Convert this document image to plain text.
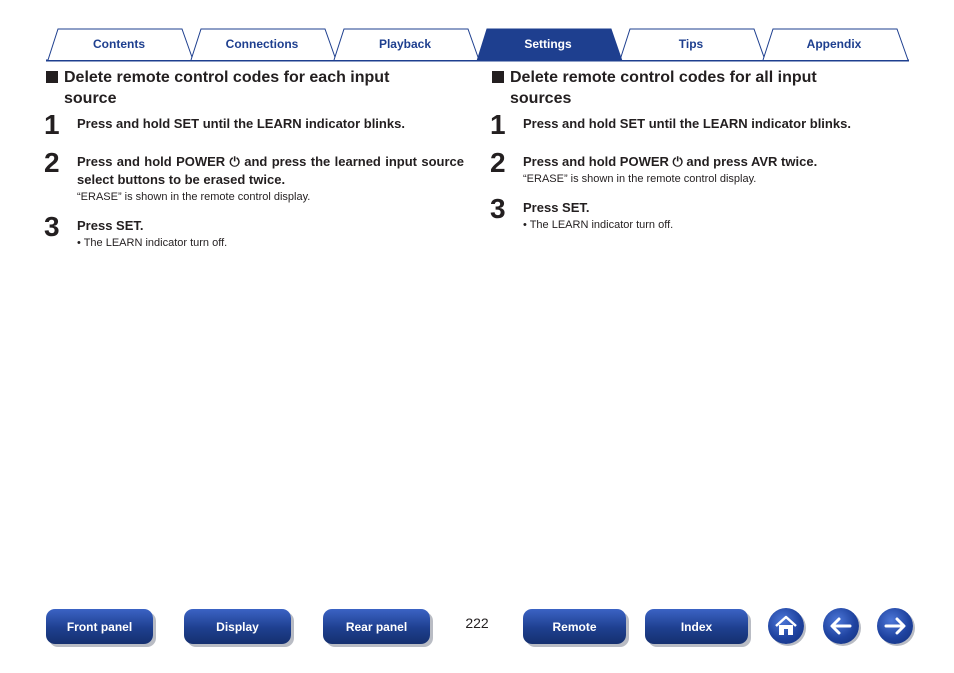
Contents	Connections	Playback	Settings	Tips	Appendix
Delete remote control codes for each input
source
1 Press and hold SET until the LEARN indicator blinks.
2 Press and hold POWER ⏻ and press the learned input source select buttons to be erased twice.
“ERASE” is shown in the remote control display.
3 Press SET.
• The LEARN indicator turn off.
Delete remote control codes for all input
sources
1 Press and hold SET until the LEARN indicator blinks.
2 Press and hold POWER ⏻ and press AVR twice.
“ERASE” is shown in the remote control display.
3 Press SET.
• The LEARN indicator turn off.
Front panel	Display	Rear panel	222	Remote	Index
